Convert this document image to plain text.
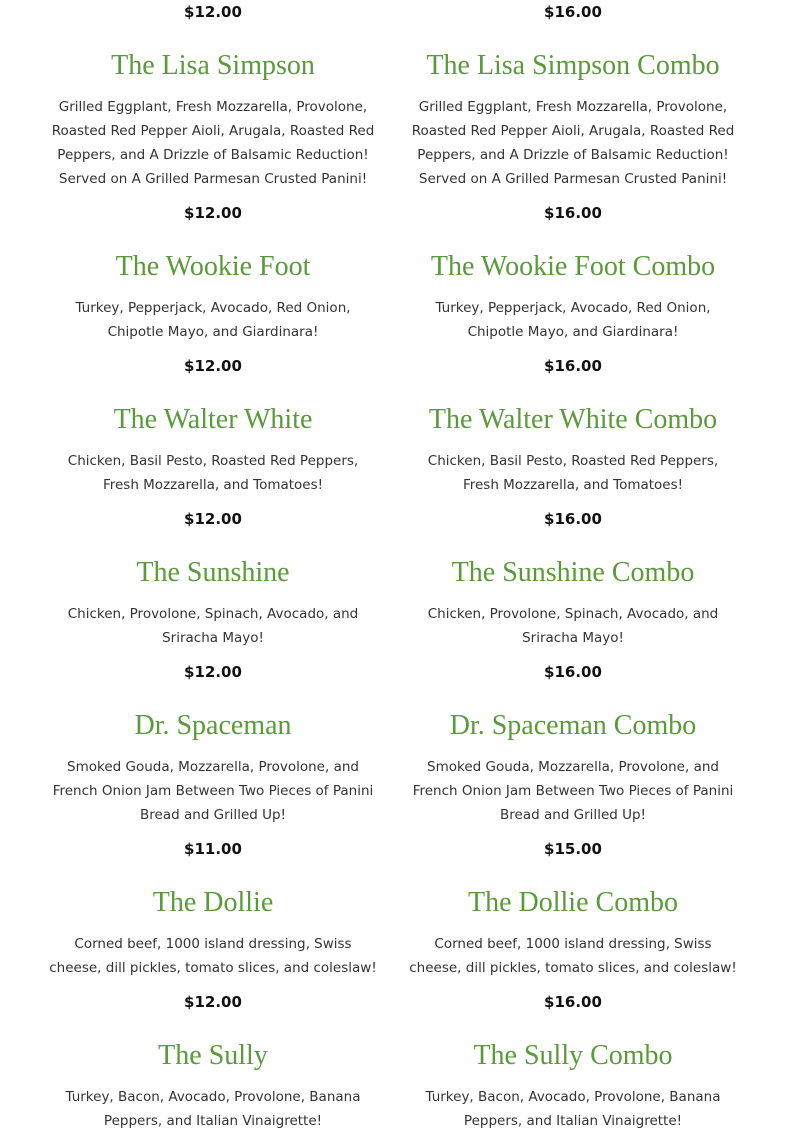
$12.00	$16.00
The Lisa Simpson
Grilled Eggplant, Fresh Mozzarella, Provolone, Roasted Red Pepper Aioli, Arugala, Roasted Red Peppers, and A Drizzle of Balsamic Reduction! Served on A Grilled Parmesan Crusted Panini!
$12.00
The Lisa Simpson Combo
Grilled Eggplant, Fresh Mozzarella, Provolone, Roasted Red Pepper Aioli, Arugala, Roasted Red Peppers, and A Drizzle of Balsamic Reduction! Served on A Grilled Parmesan Crusted Panini!
$16.00
The Wookie Foot
Turkey, Pepperjack, Avocado, Red Onion, Chipotle Mayo, and Giardinara!
$12.00
The Wookie Foot Combo
Turkey, Pepperjack, Avocado, Red Onion, Chipotle Mayo, and Giardinara!
$16.00
The Walter White
Chicken, Basil Pesto, Roasted Red Peppers, Fresh Mozzarella, and Tomatoes!
$12.00
The Walter White Combo
Chicken, Basil Pesto, Roasted Red Peppers, Fresh Mozzarella, and Tomatoes!
$16.00
The Sunshine
Chicken, Provolone, Spinach, Avocado, and Sriracha Mayo!
$12.00
The Sunshine Combo
Chicken, Provolone, Spinach, Avocado, and Sriracha Mayo!
$16.00
Dr. Spaceman
Smoked Gouda, Mozzarella, Provolone, and French Onion Jam Between Two Pieces of Panini Bread and Grilled Up!
$11.00
Dr. Spaceman Combo
Smoked Gouda, Mozzarella, Provolone, and French Onion Jam Between Two Pieces of Panini Bread and Grilled Up!
$15.00
The Dollie
Corned beef, 1000 island dressing, Swiss cheese, dill pickles, tomato slices, and coleslaw!
$12.00
The Dollie Combo
Corned beef, 1000 island dressing, Swiss cheese, dill pickles, tomato slices, and coleslaw!
$16.00
The Sully
Turkey, Bacon, Avocado, Provolone, Banana Peppers, and Italian Vinaigrette!
The Sully Combo
Turkey, Bacon, Avocado, Provolone, Banana Peppers, and Italian Vinaigrette!
